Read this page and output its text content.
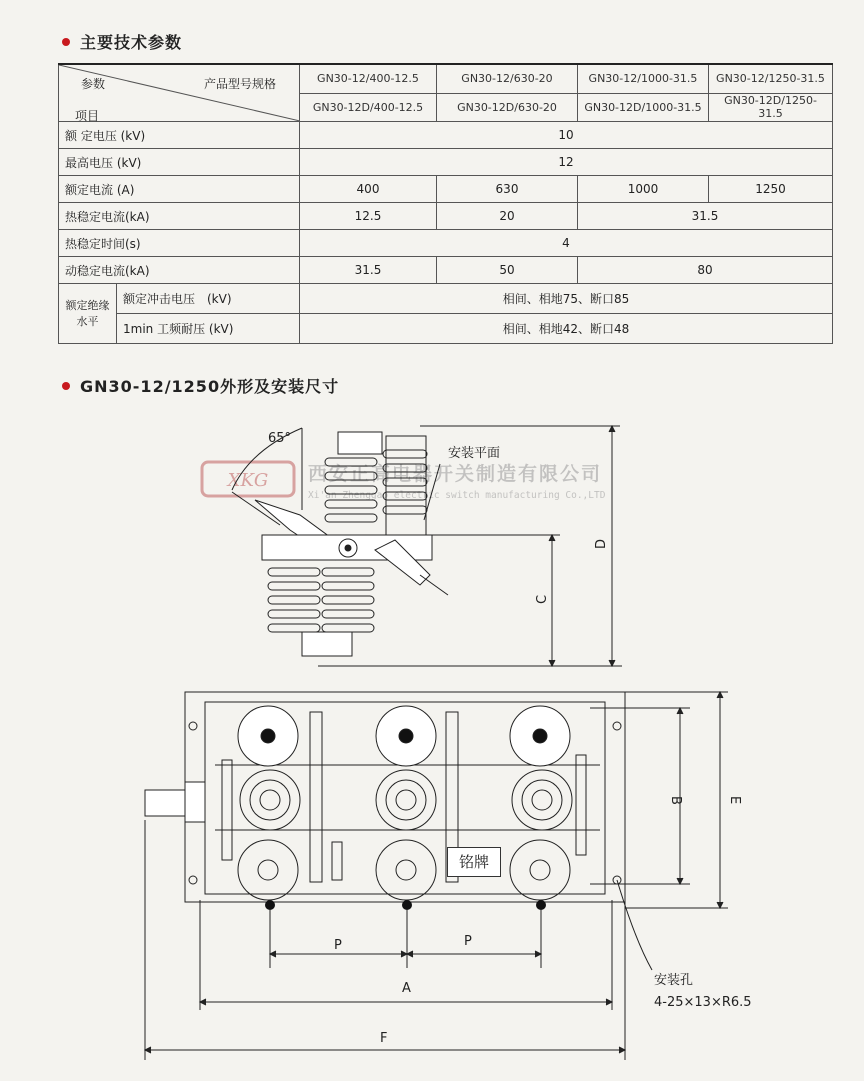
主要技术参数
参数 产品型号规格
项目		GN30-12/400-12.5	GN30-12/630-20	GN30-12/1000-31.5	GN30-12/1250-31.5
		GN30-12D/400-12.5	GN30-12D/630-20	GN30-12D/1000-31.5	GN30-12D/1250-31.5
额 定电压 (kV)		10			
最高电压 (kV)		12			
额定电流 (A)		400	630	1000	1250
热稳定电流(kA)		12.5	20	31.5	
热稳定时间(s)		4			
动稳定电流(kA)		31.5	50	80	
额定绝缘水平	额定冲击电压　(kV)	相间、相地75、断口85			
	1min 工频耐压 (kV)	相间、相地42、断口48			
GN30-12/1250外形及安装尺寸
XKG 西安正高电器开关制造有限公司
Xi'an Zhenggao electric switch manufacturing Co.,LTD
65°
安装平面
C
D
B	E
P	P
A
F
安装孔
4-25×13×R6.5
铭牌
